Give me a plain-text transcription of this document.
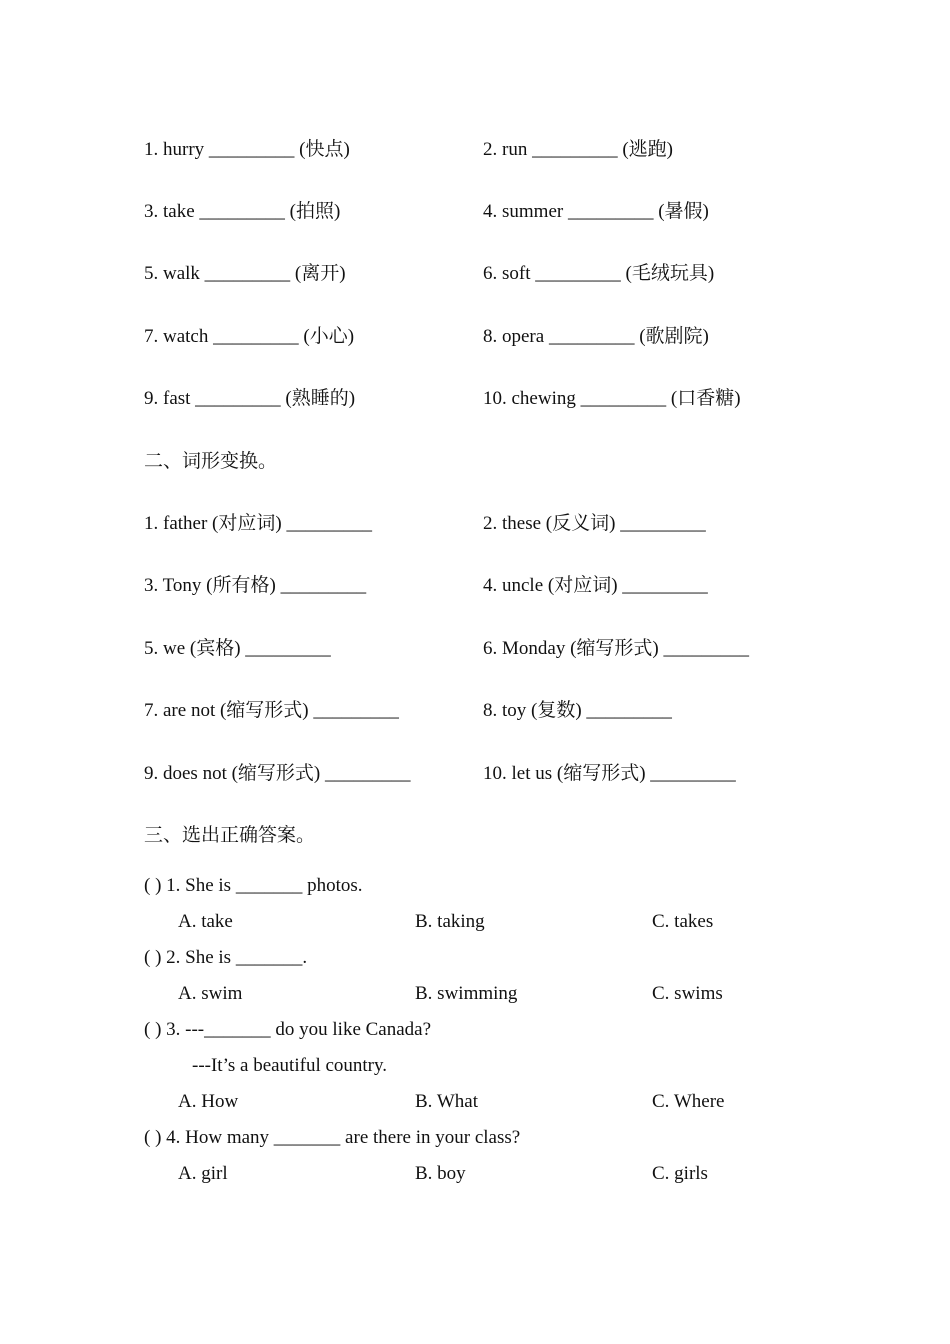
1. hurry _________ (快点)	2. run _________ (逃跑)
3. take _________ (拍照)	4. summer _________ (暑假)
5. walk _________ (离开)	6. soft _________ (毛绒玩具)
7. watch _________ (小心)	8. opera _________ (歌剧院)
9. fast _________ (熟睡的)	10. chewing _________ (口香糖)
二、词形变换。
1. father (对应词) _________	2. these (反义词) _________
3. Tony (所有格) _________	4. uncle (对应词) _________
5. we (宾格) _________	6. Monday (缩写形式) _________
7. are not (缩写形式) _________	8. toy (复数) _________
9. does not (缩写形式) _________	10. let us (缩写形式) _________
三、选出正确答案。
( ) 1. She is _______ photos.
A. take	B. taking	C. takes
( ) 2. She is _______.
A. swim	B. swimming	C. swims
( ) 3. ---_______ do you like Canada?
---It’s a beautiful country.
A. How	B. What	C. Where
( ) 4. How many _______ are there in your class?
A. girl	B. boy	C. girls
